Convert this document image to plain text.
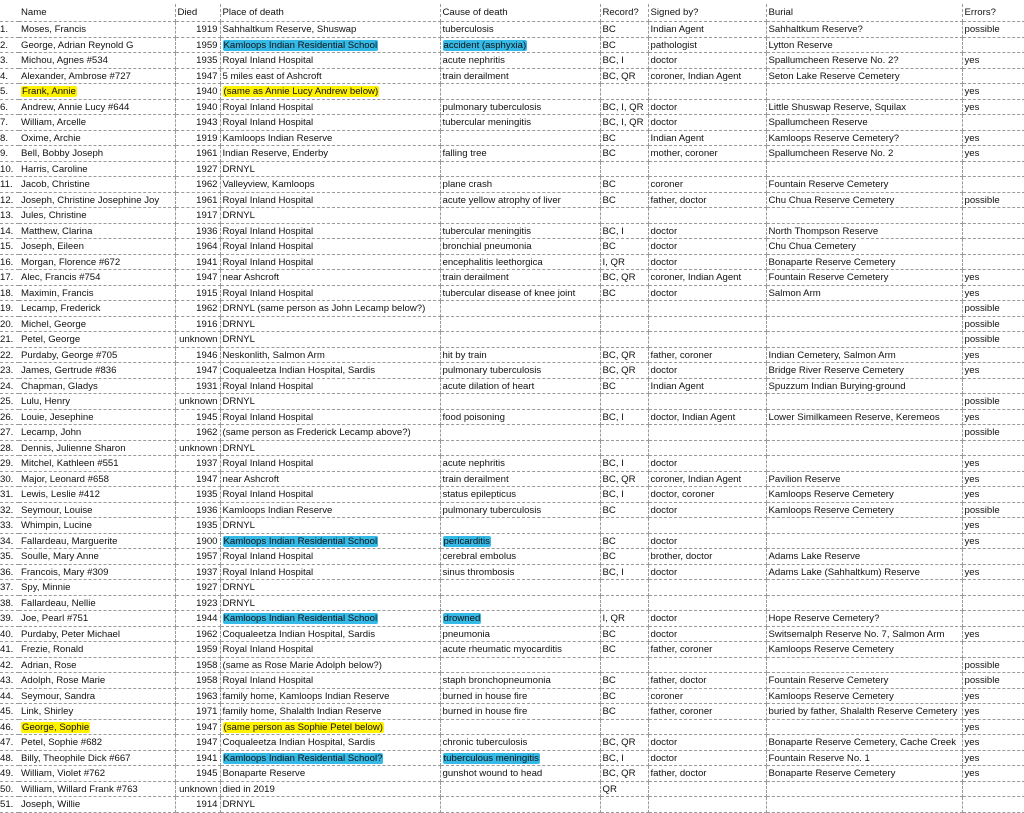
	Name	Died	Place of death	Cause of death	Record?	Signed by?	Burial	Errors?
1.	Moses, Francis	1919	Sahhaltkum Reserve, Shuswap	tuberculosis	BC	Indian Agent	Sahhaltkum Reserve?	possible
2.	George, Adrian Reynold G	1959	Kamloops Indian Residential School	accident (asphyxia)	BC	pathologist	Lytton Reserve	
3.	Michou, Agnes #534	1935	Royal Inland Hospital	acute nephritis	BC, I	doctor	Spallumcheen Reserve No. 2?	yes
4.	Alexander, Ambrose #727	1947	5 miles east of Ashcroft	train derailment	BC, QR	coroner, Indian Agent	Seton Lake Reserve Cemetery	
5.	Frank, Annie	1940	(same as Annie Lucy Andrew below)					yes
6.	Andrew, Annie Lucy #644	1940	Royal Inland Hospital	pulmonary tuberculosis	BC, I, QR	doctor	Little Shuswap Reserve, Squilax	yes
7.	William, Arcelle	1943	Royal Inland Hospital	tubercular meningitis	BC, I, QR	doctor	Spallumcheen Reserve	
8.	Oxime, Archie	1919	Kamloops Indian Reserve		BC	Indian Agent	Kamloops Reserve Cemetery?	yes
9.	Bell, Bobby Joseph	1961	Indian Reserve, Enderby	falling tree	BC	mother, coroner	Spallumcheen Reserve No. 2	yes
10.	Harris, Caroline	1927	DRNYL					
11.	Jacob, Christine	1962	Valleyview, Kamloops	plane crash	BC	coroner	Fountain Reserve Cemetery	
12.	Joseph, Christine Josephine Joy	1961	Royal Inland Hospital	acute yellow atrophy of liver	BC	father, doctor	Chu Chua Reserve Cemetery	possible
13.	Jules, Christine	1917	DRNYL					
14.	Matthew, Clarina	1936	Royal Inland Hospital	tubercular meningitis	BC, I	doctor	North Thompson Reserve	
15.	Joseph, Eileen	1964	Royal Inland Hospital	bronchial pneumonia	BC	doctor	Chu Chua Cemetery	
16.	Morgan, Florence #672	1941	Royal Inland Hospital	encephalitis leethorgica	I, QR	doctor	Bonaparte Reserve Cemetery	
17.	Alec, Francis #754	1947	near Ashcroft	train derailment	BC, QR	coroner, Indian Agent	Fountain Reserve Cemetery	yes
18.	Maximin, Francis	1915	Royal Inland Hospital	tubercular disease of knee joint	BC	doctor	Salmon Arm	yes
19.	Lecamp, Frederick	1962	DRNYL (same person as John Lecamp below?)					possible
20.	Michel, George	1916	DRNYL					possible
21.	Petel, George	unknown	DRNYL					possible
22.	Purdaby, George #705	1946	Neskonlith, Salmon Arm	hit by train	BC, QR	father, coroner	Indian Cemetery, Salmon Arm	yes
23.	James, Gertrude #836	1947	Coqualeetza Indian Hospital, Sardis	pulmonary tuberculosis	BC, QR	doctor	Bridge River Reserve Cemetery	yes
24.	Chapman, Gladys	1931	Royal Inland Hospital	acute dilation of heart	BC	Indian Agent	Spuzzum Indian Burying-ground	
25.	Lulu, Henry	unknown	DRNYL					possible
26.	Louie, Jesephine	1945	Royal Inland Hospital	food poisoning	BC, I	doctor, Indian Agent	Lower Similkameen Reserve, Keremeos	yes
27.	Lecamp, John	1962	(same person as Frederick Lecamp above?)					possible
28.	Dennis, Julienne Sharon	unknown	DRNYL					
29.	Mitchel, Kathleen #551	1937	Royal Inland Hospital	acute nephritis	BC, I	doctor		yes
30.	Major, Leonard #658	1947	near Ashcroft	train derailment	BC, QR	coroner, Indian Agent	Pavilion Reserve	yes
31.	Lewis, Leslie #412	1935	Royal Inland Hospital	status epilepticus	BC, I	doctor, coroner	Kamloops Reserve Cemetery	yes
32.	Seymour, Louise	1936	Kamloops Indian Reserve	pulmonary tuberculosis	BC	doctor	Kamloops Reserve Cemetery	possible
33.	Whimpin, Lucine	1935	DRNYL					yes
34.	Fallardeau, Marguerite	1900	Kamloops Indian Residential School	pericarditis	BC	doctor		yes
35.	Soulle, Mary Anne	1957	Royal Inland Hospital	cerebral embolus	BC	brother, doctor	Adams Lake Reserve	
36.	Francois, Mary #309	1937	Royal Inland Hospital	sinus thrombosis	BC, I	doctor	Adams Lake (Sahhaltkum) Reserve	yes
37.	Spy, Minnie	1927	DRNYL					
38.	Fallardeau, Nellie	1923	DRNYL					
39.	Joe, Pearl #751	1944	Kamloops Indian Residential School	drowned	I, QR	doctor	Hope Reserve Cemetery?	
40.	Purdaby, Peter Michael	1962	Coqualeetza Indian Hospital, Sardis	pneumonia	BC	doctor	Switsemalph Reserve No. 7, Salmon Arm	yes
41.	Frezie, Ronald	1959	Royal Inland Hospital	acute rheumatic myocarditis	BC	father, coroner	Kamloops Reserve Cemetery	
42.	Adrian, Rose	1958	(same as Rose Marie Adolph below?)					possible
43.	Adolph, Rose Marie	1958	Royal Inland Hospital	staph bronchopneumonia	BC	father, doctor	Fountain Reserve Cemetery	possible
44.	Seymour, Sandra	1963	family home, Kamloops Indian Reserve	burned in house fire	BC	coroner	Kamloops Reserve Cemetery	yes
45.	Link, Shirley	1971	family home, Shalalth Indian Reserve	burned in house fire	BC	father, coroner	buried by father, Shalalth Reserve Cemetery	yes
46.	George, Sophie	1947	(same person as Sophie Petel below)					yes
47.	Petel, Sophie #682	1947	Coqualeetza Indian Hospital, Sardis	chronic tuberculosis	BC, QR	doctor	Bonaparte Reserve Cemetery, Cache Creek	yes
48.	Billy, Theophile Dick #667	1941	Kamloops Indian Residential School?	tuberculous meningitis	BC, I	doctor	Fountain Reserve No. 1	yes
49.	William, Violet #762	1945	Bonaparte Reserve	gunshot wound to head	BC, QR	father, doctor	Bonaparte Reserve Cemetery	yes
50.	William, Willard Frank #763	unknown	died in 2019		QR			
51.	Joseph, Willie	1914	DRNYL					
